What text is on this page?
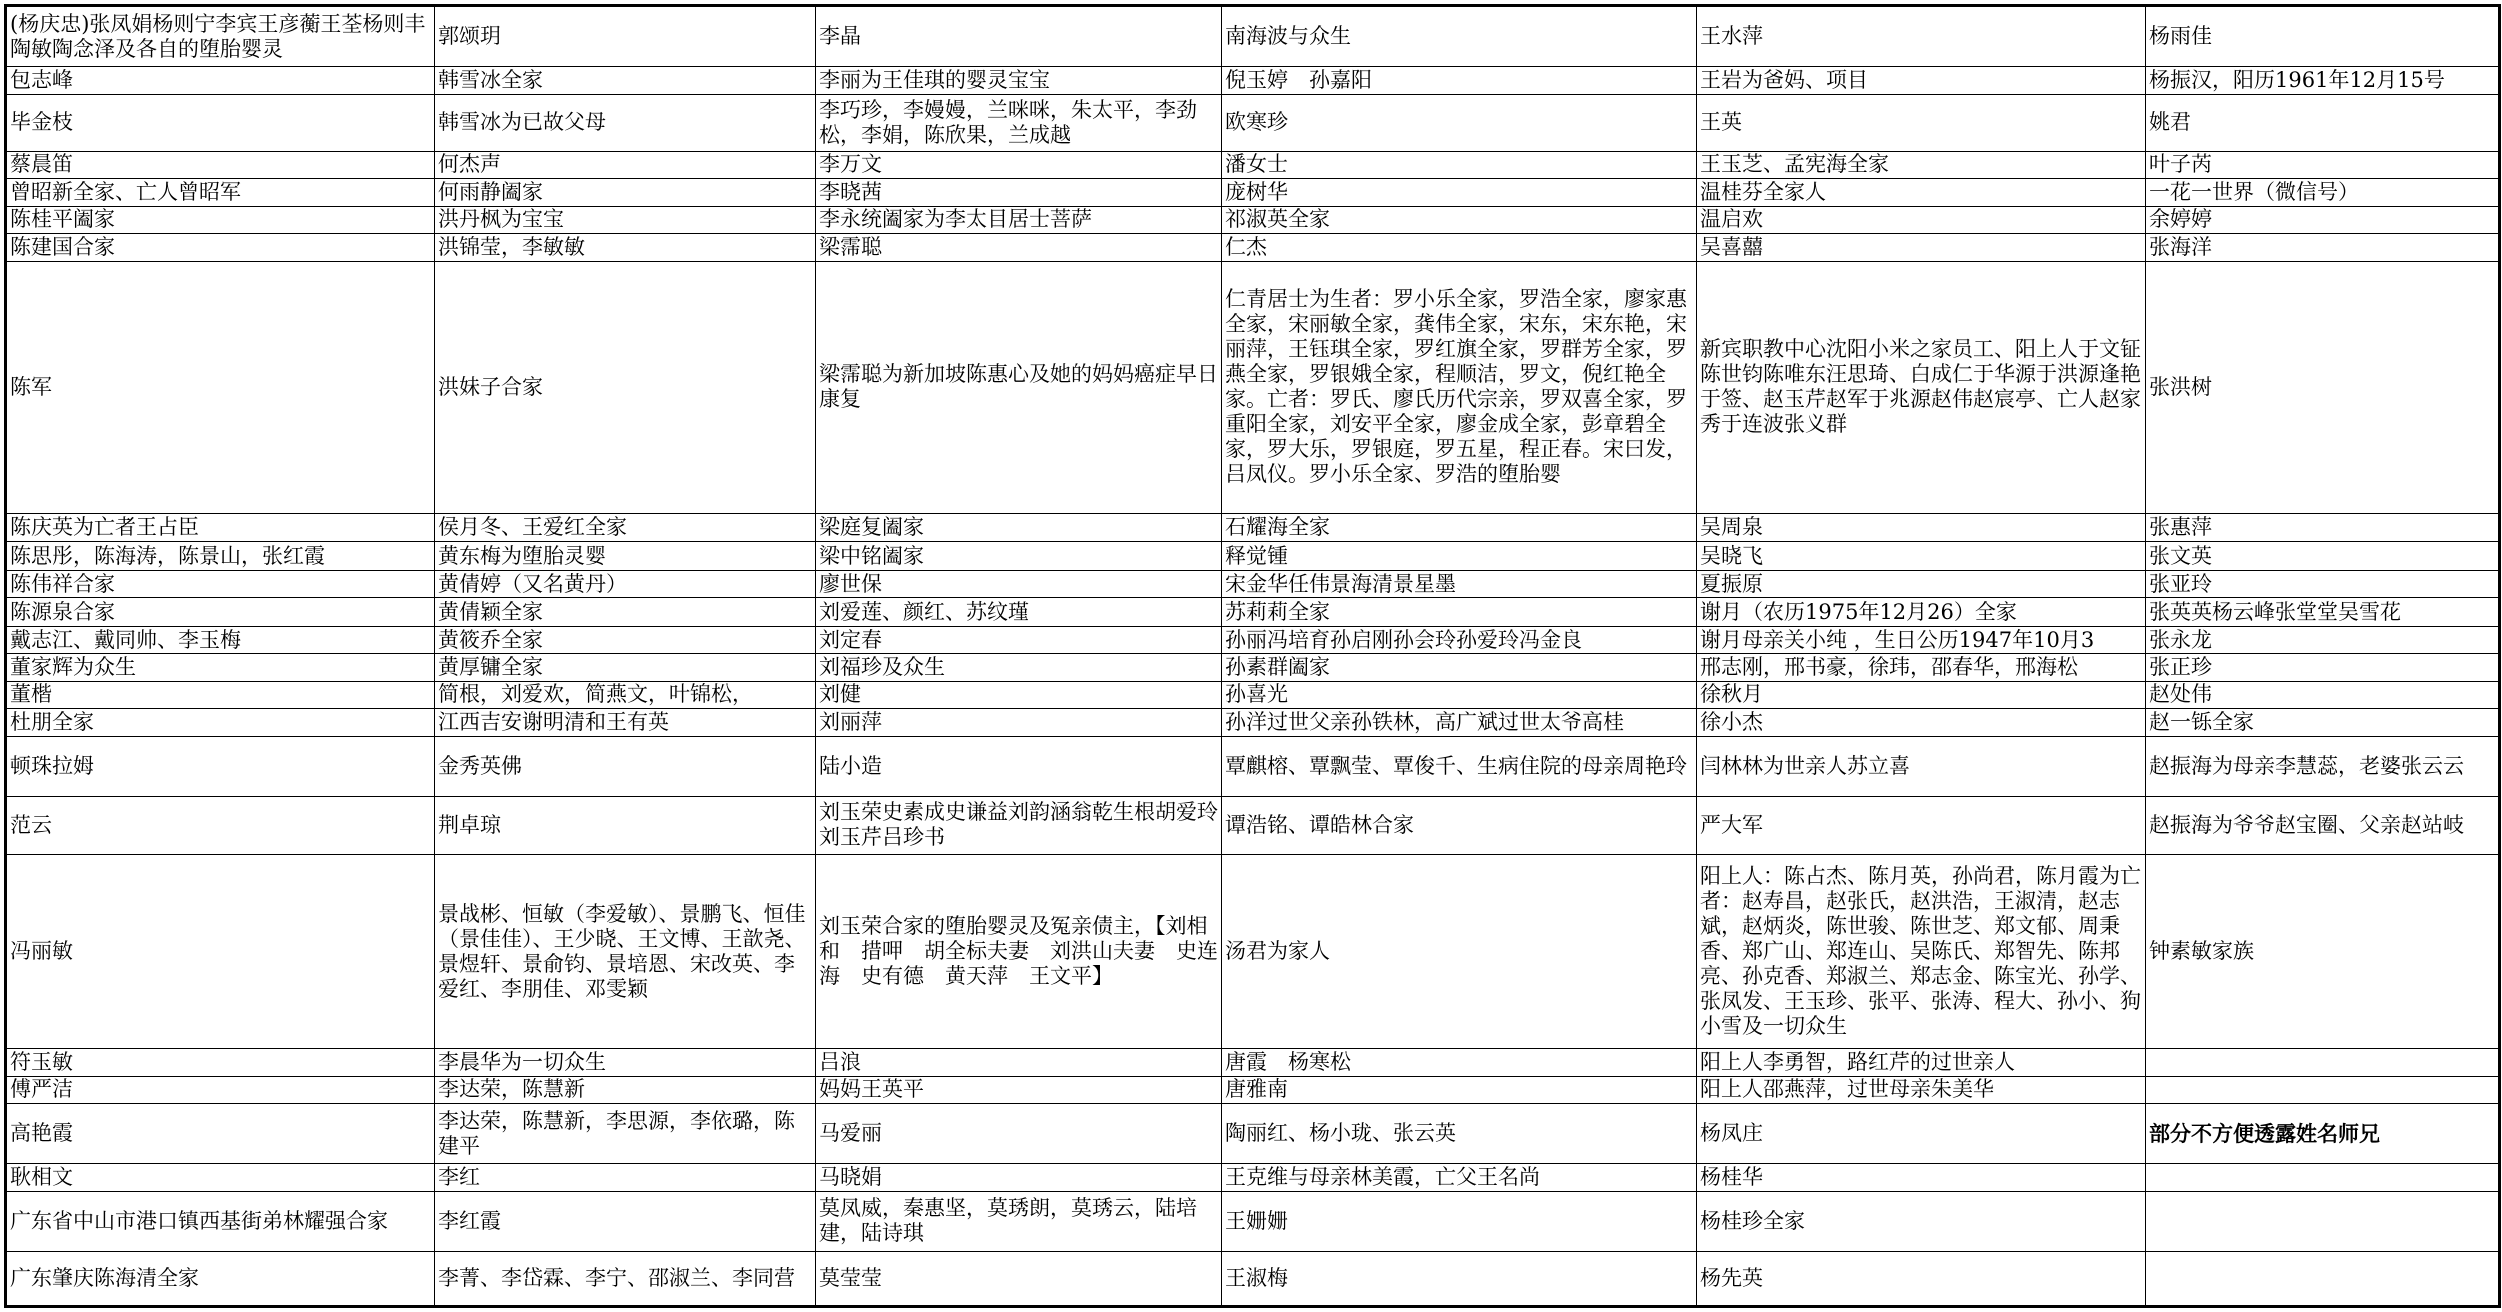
(杨庆忠)张凤娟杨则宁李宾王彦蘅王荃杨则丰陶敏陶念泽及各自的堕胎婴灵	郭颂玥	李晶	南海波与众生	王水萍	杨雨佳
包志峰	韩雪冰全家	李丽为王佳琪的婴灵宝宝	倪玉婷　孙嘉阳	王岩为爸妈、项目	杨振汉，阳历1961年12月15号
毕金枝	韩雪冰为已故父母	李巧珍，李嫚嫚，兰咪咪，朱太平，李劲松，李娟，陈欣果，兰成越	欧寒珍	王英	姚君
蔡晨笛	何杰声	李万文	潘女士	王玉芝、孟宪海全家	叶子芮
曾昭新全家、亡人曾昭军	何雨静阖家	李晓茜	庞树华	温桂芬全家人	一花一世界（微信号）
陈桂平阖家	洪丹枫为宝宝	李永统阖家为李太目居士菩萨	祁淑英全家	温启欢	余婷婷
陈建国合家	洪锦莹，李敏敏	梁霈聪	仁杰	吴喜囍	张海洋
陈军	洪妹子合家	梁霈聪为新加坡陈惠心及她的妈妈癌症早日康复	仁青居士为生者：罗小乐全家，罗浩全家，廖家惠全家，宋丽敏全家，龚伟全家，宋东，宋东艳，宋丽萍，王钰琪全家，罗红旗全家，罗群芳全家，罗燕全家，罗银娥全家，程顺洁，罗文，倪红艳全家。亡者：罗氏、廖氏历代宗亲，罗双喜全家，罗重阳全家，刘安平全家，廖金成全家，彭章碧全家，罗大乐，罗银庭，罗五星，程正春。宋曰发，吕凤仪。罗小乐全家、罗浩的堕胎婴	新宾职教中心沈阳小米之家员工、阳上人于文钲陈世钧陈唯东汪思琦、白成仁于华源于洪源逢艳于签、赵玉芹赵军于兆源赵伟赵宸亭、亡人赵家秀于连波张义群	张洪树
陈庆英为亡者王占臣	侯月冬、王爱红全家	梁庭复阖家	石耀海全家	吴周泉	张惠萍
陈思彤，陈海涛，陈景山，张红霞	黄东梅为堕胎灵婴	梁中铭阖家	释觉锺	吴晓飞	张文英
陈伟祥合家	黄倩婷（又名黄丹）	廖世保	宋金华任伟景海清景星墨	夏振原	张亚玲
陈源泉合家	黄倩颖全家	刘爱莲、颜红、苏纹瑾	苏莉莉全家	谢月（农历1975年12月26）全家	张英英杨云峰张堂堂吴雪花
戴志江、戴同帅、李玉梅	黄筱乔全家	刘定春	孙丽冯培育孙启刚孙会玲孙爱玲冯金良	谢月母亲关小纯 ，生日公历1947年10月3	张永龙
董家辉为众生	黄厚镛全家	刘福珍及众生	孙素群阖家	邢志刚，邢书豪，徐玮，邵春华，邢海松	张正珍
董楷	简根，刘爱欢，简燕文，叶锦松，	刘健	孙喜光	徐秋月	赵处伟
杜朋全家	江西吉安谢明清和王有英	刘丽萍	孙洋过世父亲孙铁林，高广斌过世太爷高桂	徐小杰	赵一铄全家
顿珠拉姆	金秀英佛	陆小造	覃麒榕、覃飘莹、覃俊千、生病住院的母亲周艳玲	闫林林为世亲人苏立喜	赵振海为母亲李慧蕊，老婆张云云
范云	荆卓琼	刘玉荣史素成史谦益刘韵涵翁乾生根胡爱玲刘玉芹吕珍书	谭浩铭、谭皓林合家	严大军	赵振海为爷爷赵宝圈、父亲赵站岐
冯丽敏	景战彬、恒敏（李爱敏）、景鹏飞、恒佳（景佳佳）、王少晓、王文博、王歆尧、景煜轩、景俞钧、景培恩、宋改英、李爱红、李朋佳、邓雯颖	刘玉荣合家的堕胎婴灵及冤亲债主，【刘相和　措呷　胡全标夫妻　刘洪山夫妻　史连海　史有德　黄天萍　王文平】	汤君为家人	阳上人：陈占杰、陈月英，孙尚君，陈月霞为亡者：赵寿昌，赵张氏，赵洪浩，王淑清，赵志斌，赵炳炎，陈世骏、陈世芝、郑文郁、周秉香、郑广山、郑连山、吴陈氏、郑智先、陈邦亮、孙克香、郑淑兰、郑志金、陈宝光、孙学、张凤发、王玉珍、张平、张涛、程大、孙小、狗小雪及一切众生	钟素敏家族
符玉敏	李晨华为一切众生	吕浪	唐霞　杨寒松	阳上人李勇智，路红芹的过世亲人	
傅严洁	李达荣，陈慧新	妈妈王英平	唐雅南	阳上人邵燕萍，过世母亲朱美华	
高艳霞	李达荣，陈慧新，李思源，李依璐，陈建平	马爱丽	陶丽红、杨小珑、张云英	杨凤庄	部分不方便透露姓名师兄
耿相文	李红	马晓娟	王克维与母亲林美霞，亡父王名尚	杨桂华	
广东省中山市港口镇西基街弟林耀强合家	李红霞	莫凤威，秦惠坚，莫琇朗，莫琇云，陆培建，陆诗琪	王姗姗	杨桂珍全家	
广东肇庆陈海清全家	李菁、李岱霖、李宁、邵淑兰、李同营	莫莹莹	王淑梅	杨先英	
